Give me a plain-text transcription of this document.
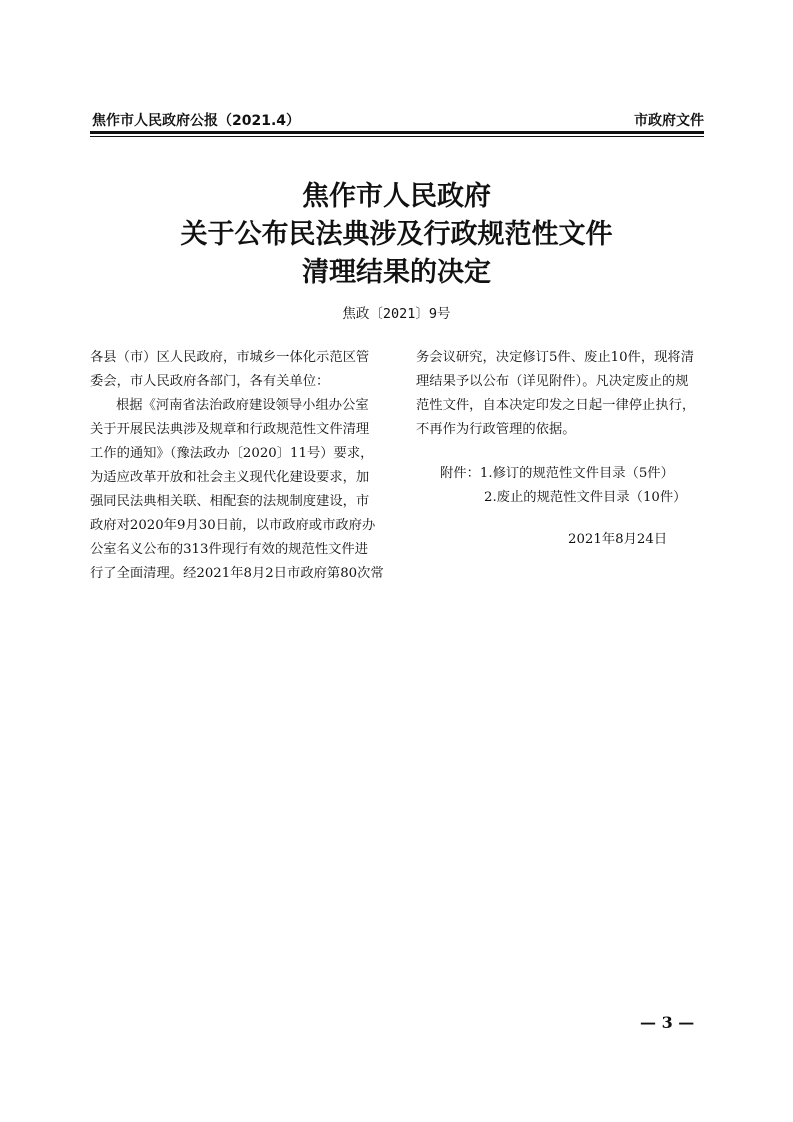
焦作市人民政府公报（2021.4）	市政府文件
焦作市人民政府
关于公布民法典涉及行政规范性文件
清理结果的决定
焦政〔2021〕9号
各县（市）区人民政府，市城乡一体化示范区管
委会，市人民政府各部门，各有关单位：
根据《河南省法治政府建设领导小组办公室
关于开展民法典涉及规章和行政规范性文件清理
工作的通知》（豫法政办〔2020〕11号）要求，
为适应改革开放和社会主义现代化建设要求，加
强同民法典相关联、相配套的法规制度建设，市
政府对2020年9月30日前，以市政府或市政府办
公室名义公布的313件现行有效的规范性文件进
行了全面清理。经2021年8月2日市政府第80次常
务会议研究，决定修订5件、废止10件，现将清
理结果予以公布（详见附件）。凡决定废止的规
范性文件，自本决定印发之日起一律停止执行，
不再作为行政管理的依据。
附件：1.修订的规范性文件目录（5件）
2.废止的规范性文件目录（10件）
2021年8月24日
— 3 —
